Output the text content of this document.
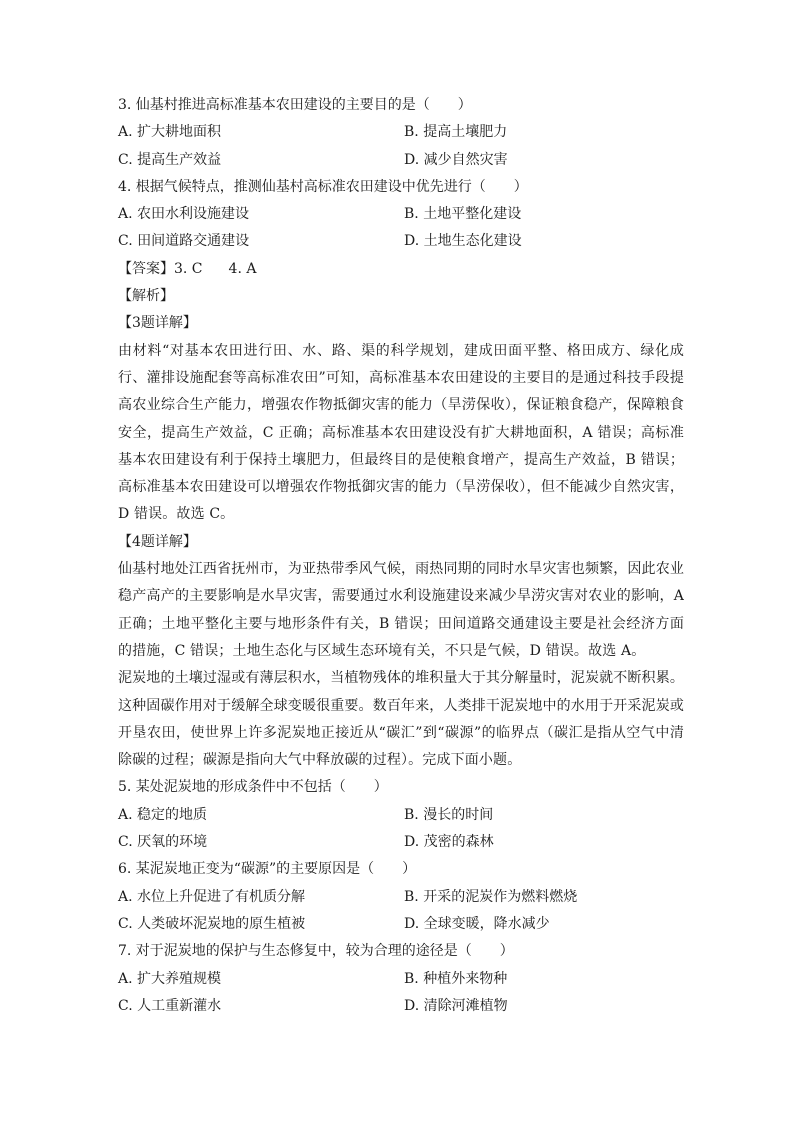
3. 仙基村推进高标准基本农田建设的主要目的是（　　）
A. 扩大耕地面积	B. 提高土壤肥力
C. 提高生产效益	D. 减少自然灾害
4. 根据气候特点，推测仙基村高标准农田建设中优先进行（　　）
A. 农田水利设施建设	B. 土地平整化建设
C. 田间道路交通建设	D. 土地生态化建设
【答案】3. C 4. A
【解析】
【3题详解】

由材料“对基本农田进行田、水、路、渠的科学规划，建成田面平整、格田成方、绿化成行、灌排设施配套等高标准农田”可知，高标准基本农田建设的主要目的是通过科技手段提高农业综合生产能力，增强农作物抵御灾害的能力（旱涝保收），保证粮食稳产，保障粮食安全，提高生产效益，C 正确；高标准基本农田建设没有扩大耕地面积，A 错误；高标准基本农田建设有利于保持土壤肥力，但最终目的是使粮食增产，提高生产效益，B 错误；高标准基本农田建设可以增强农作物抵御灾害的能力（旱涝保收），但不能减少自然灾害，D 错误。故选 C。

【4题详解】

仙基村地处江西省抚州市，为亚热带季风气候，雨热同期的同时水旱灾害也频繁，因此农业稳产高产的主要影响是水旱灾害，需要通过水利设施建设来减少旱涝灾害对农业的影响，A 正确；土地平整化主要与地形条件有关，B 错误；田间道路交通建设主要是社会经济方面的措施，C 错误；土地生态化与区域生态环境有关，不只是气候，D 错误。故选 A。

泥炭地的土壤过湿或有薄层积水，当植物残体的堆积量大于其分解量时，泥炭就不断积累。这种固碳作用对于缓解全球变暖很重要。数百年来，人类排干泥炭地中的水用于开采泥炭或开垦农田，使世界上许多泥炭地正接近从“碳汇”到“碳源”的临界点（碳汇是指从空气中清除碳的过程；碳源是指向大气中释放碳的过程）。完成下面小题。

5. 某处泥炭地的形成条件中不包括（　　）
A. 稳定的地质	B. 漫长的时间
C. 厌氧的环境	D. 茂密的森林
6. 某泥炭地正变为“碳源”的主要原因是（　　）
A. 水位上升促进了有机质分解	B. 开采的泥炭作为燃料燃烧
C. 人类破坏泥炭地的原生植被	D. 全球变暖，降水减少
7. 对于泥炭地的保护与生态修复中，较为合理的途径是（　　）
A. 扩大养殖规模	B. 种植外来物种
C. 人工重新灌水	D. 清除河滩植物
